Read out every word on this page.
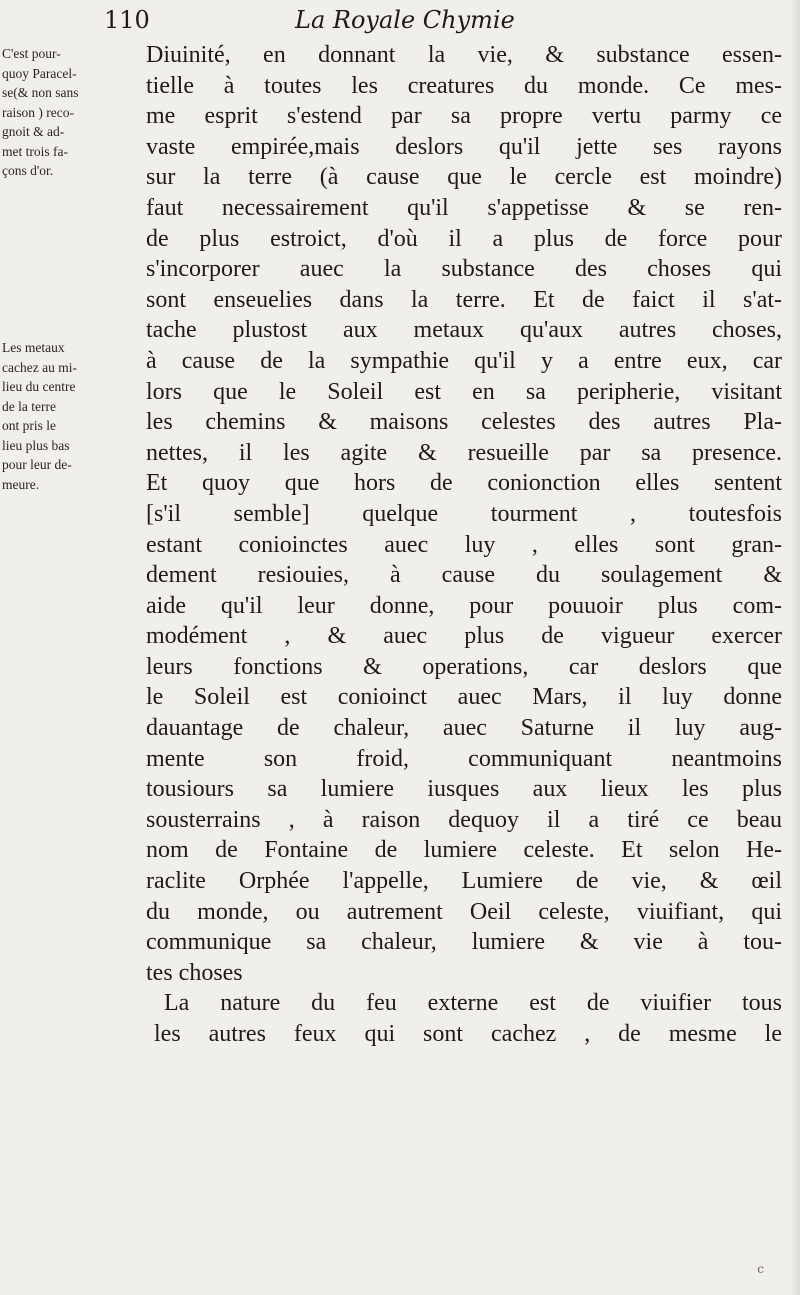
110	La Royale Chymie
C'est pour-
quoy Paracel-
se(& non sans
raison ) reco-
gnoit & ad-
met trois fa-
çons d'or.
Les metaux
cachez au mi-
lieu du centre
de la terre
ont pris le
lieu plus bas
pour leur de-
meure.
Diuinité, en donnant la vie, & substance essen-
tielle à toutes les creatures du monde. Ce mes-
me esprit s'estend par sa propre vertu parmy ce
vaste empirée,mais deslors qu'il jette ses rayons
sur la terre (à cause que le cercle est moindre)
faut necessairement qu'il s'appetisse & se ren-
de plus estroict, d'où il a plus de force pour
s'incorporer auec la substance des choses qui
sont enseuelies dans la terre. Et de faict il s'at-
tache plustost aux metaux qu'aux autres choses,
à cause de la sympathie qu'il y a entre eux, car
lors que le Soleil est en sa peripherie, visitant
les chemins & maisons celestes des autres Pla-
nettes, il les agite & resueille par sa presence.
Et quoy que hors de conionction elles sentent
[s'il semble] quelque tourment , toutesfois
estant conioinctes auec luy , elles sont gran-
dement resiouies, à cause du soulagement &
aide qu'il leur donne, pour pouuoir plus com-
modément , & auec plus de vigueur exercer
leurs fonctions & operations, car deslors que
le Soleil est conioinct auec Mars, il luy donne
dauantage de chaleur, auec Saturne il luy aug-
mente son froid, communiquant neantmoins
tousiours sa lumiere iusques aux lieux les plus
sousterrains , à raison dequoy il a tiré ce beau
nom de Fontaine de lumiere celeste. Et selon He-
raclite Orphée l'appelle, Lumiere de vie, & œil
du monde, ou autrement Oeil celeste, viuifiant, qui
communique sa chaleur, lumiere & vie à tou-
tes choses
La nature du feu externe est de viuifier tous
les autres feux qui sont cachez , de mesme le
c
